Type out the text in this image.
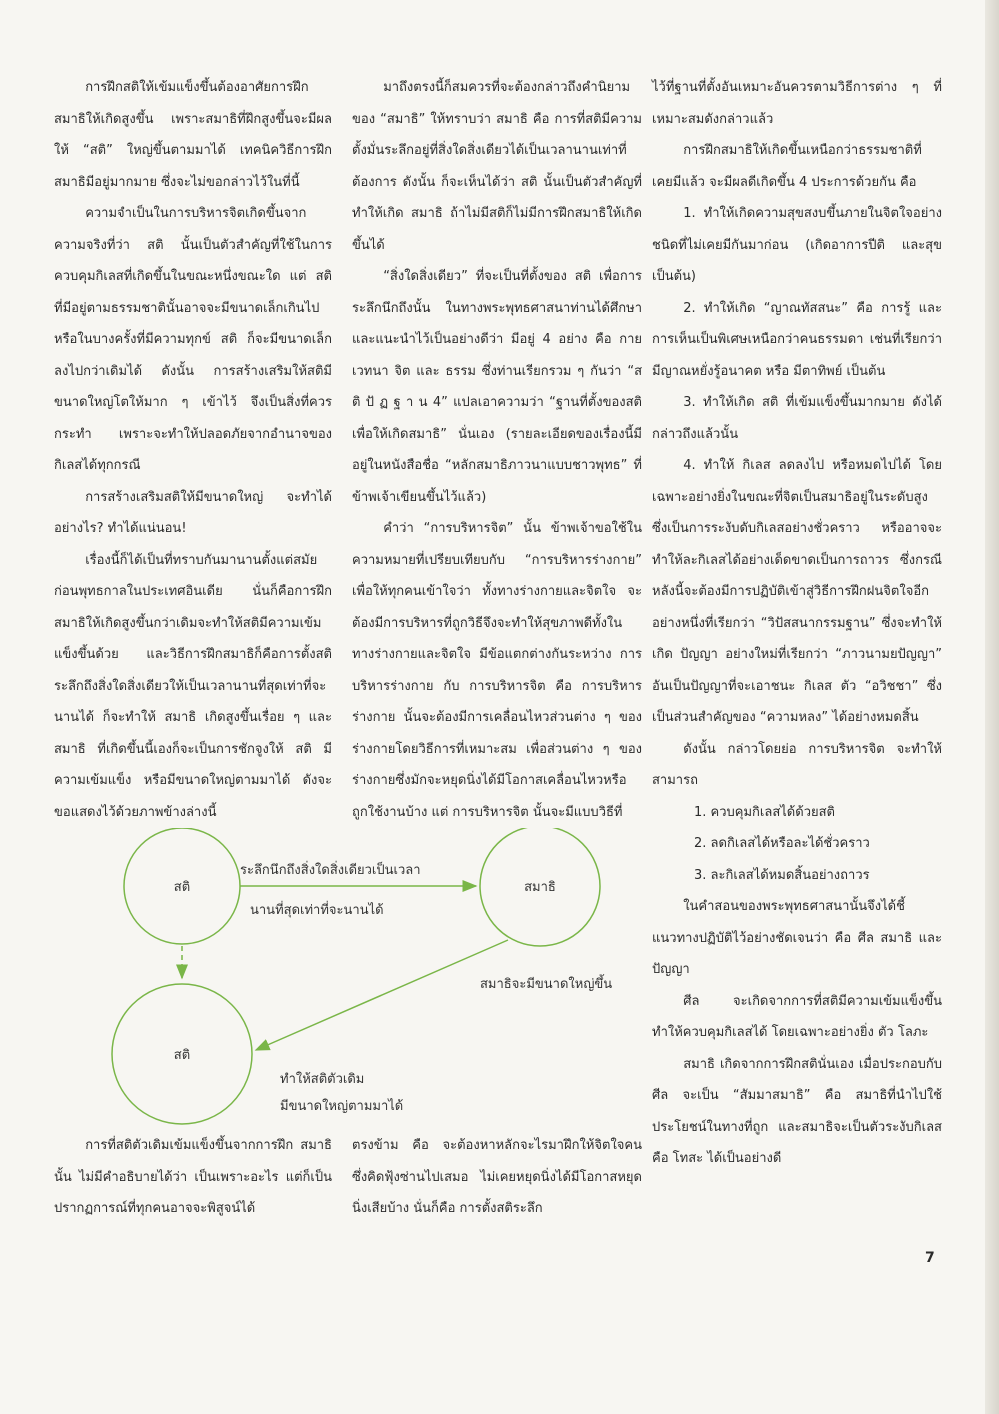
การฝึกสติให้เข้มแข็งขึ้นต้องอาศัยการฝึกสมาธิให้เกิดสูงขึ้น เพราะสมาธิที่ฝึกสูงขึ้นจะมีผลให้ “สติ” ใหญ่ขึ้นตามมาได้ เทคนิควิธีการฝึกสมาธิมีอยู่มากมาย ซึ่งจะไม่ขอกล่าวไว้ในที่นี้

ความจำเป็นในการบริหารจิตเกิดขึ้นจากความจริงที่ว่า สติ นั้นเป็นตัวสำคัญที่ใช้ในการควบคุมกิเลสที่เกิดขึ้นในขณะหนึ่งขณะใด แต่ สติ ที่มีอยู่ตามธรรมชาตินั้นอาจจะมีขนาดเล็กเกินไปหรือในบางครั้งที่มีความทุกข์ สติ ก็จะมีขนาดเล็กลงไปกว่าเดิมได้ ดังนั้น การสร้างเสริมให้สติมีขนาดใหญ่โตให้มาก ๆ เข้าไว้ จึงเป็นสิ่งที่ควรกระทำ เพราะจะทำให้ปลอดภัยจากอำนาจของกิเลสได้ทุกกรณี

การสร้างเสริมสติให้มีขนาดใหญ่ จะทำได้อย่างไร? ทำได้แน่นอน!

เรื่องนี้ก็ได้เป็นที่ทราบกันมานานตั้งแต่สมัยก่อนพุทธกาลในประเทศอินเดีย นั่นก็คือการฝึกสมาธิให้เกิดสูงขึ้นกว่าเดิมจะทำให้สติมีความเข้มแข็งขึ้นด้วย และวิธีการฝึกสมาธิก็คือการตั้งสติระลึกถึงสิ่งใดสิ่งเดียวให้เป็นเวลานานที่สุดเท่าที่จะนานได้ ก็จะทำให้ สมาธิ เกิดสูงขึ้นเรื่อย ๆ และ สมาธิ ที่เกิดขึ้นนี้เองก็จะเป็นการชักจูงให้ สติ มีความเข้มแข็ง หรือมีขนาดใหญ่ตามมาได้ ดังจะขอแสดงไว้ด้วยภาพข้างล่างนี้

มาถึงตรงนี้ก็สมควรที่จะต้องกล่าวถึงคำนิยามของ “สมาธิ” ให้ทราบว่า สมาธิ คือ การที่สติมีความตั้งมั่นระลึกอยู่ที่สิ่งใดสิ่งเดียวได้เป็นเวลานานเท่าที่ต้องการ ดังนั้น ก็จะเห็นได้ว่า สติ นั้นเป็นตัวสำคัญที่ทำให้เกิด สมาธิ ถ้าไม่มีสติก็ไม่มีการฝึกสมาธิให้เกิดขึ้นได้

“สิ่งใดสิ่งเดียว” ที่จะเป็นที่ตั้งของ สติ เพื่อการระลึกนึกถึงนั้น ในทางพระพุทธศาสนาท่านได้ศึกษาและแนะนำไว้เป็นอย่างดีว่า มีอยู่ 4 อย่าง คือ กาย เวทนา จิต และ ธรรม ซึ่งท่านเรียกรวม ๆ กันว่า “ส ติ ปั ฏ ฐ า น 4” แปลเอาความว่า “ฐานที่ตั้งของสติเพื่อให้เกิดสมาธิ” นั่นเอง (รายละเอียดของเรื่องนี้มีอยู่ในหนังสือชื่อ “หลักสมาธิภาวนาแบบชาวพุทธ” ที่ข้าพเจ้าเขียนขึ้นไว้แล้ว)

คำว่า “การบริหารจิต” นั้น ข้าพเจ้าขอใช้ในความหมายที่เปรียบเทียบกับ “การบริหารร่างกาย” เพื่อให้ทุกคนเข้าใจว่า ทั้งทางร่างกายและจิตใจ จะต้องมีการบริหารที่ถูกวิธีจึงจะทำให้สุขภาพดีทั้งในทางร่างกายและจิตใจ มีข้อแตกต่างกันระหว่าง การบริหารร่างกาย กับ การบริหารจิต คือ การบริหารร่างกาย นั้นจะต้องมีการเคลื่อนไหวส่วนต่าง ๆ ของร่างกายโดยวิธีการที่เหมาะสม เพื่อส่วนต่าง ๆ ของร่างกายซึ่งมักจะหยุดนิ่งได้มีโอกาสเคลื่อนไหวหรือถูกใช้งานบ้าง แต่ การบริหารจิต นั้นจะมีแบบวิธีที่

ไว้ที่ฐานที่ตั้งอันเหมาะอันควรตามวิธีการต่าง ๆ ที่เหมาะสมดังกล่าวแล้ว

การฝึกสมาธิให้เกิดขึ้นเหนือกว่าธรรมชาติที่เคยมีแล้ว จะมีผลดีเกิดขึ้น 4 ประการด้วยกัน คือ

1. ทำให้เกิดความสุขสงบขึ้นภายในจิตใจอย่างชนิดที่ไม่เคยมีกันมาก่อน (เกิดอาการปีติ และสุข เป็นต้น)
2. ทำให้เกิด “ญาณทัสสนะ” คือ การรู้ และการเห็นเป็นพิเศษเหนือกว่าคนธรรมดา เช่นที่เรียกว่า มีญาณหยั่งรู้อนาคต หรือ มีตาทิพย์ เป็นต้น
3. ทำให้เกิด สติ ที่เข้มแข็งขึ้นมากมาย ดังได้กล่าวถึงแล้วนั้น
4. ทำให้ กิเลส ลดลงไป หรือหมดไปได้ โดยเฉพาะอย่างยิ่งในขณะที่จิตเป็นสมาธิอยู่ในระดับสูง ซึ่งเป็นการระงับดับกิเลสอย่างชั่วคราว หรืออาจจะทำให้ละกิเลสได้อย่างเด็ดขาดเป็นการถาวร ซึ่งกรณีหลังนี้จะต้องมีการปฏิบัติเข้าสู่วิธีการฝึกฝนจิตใจอีกอย่างหนึ่งที่เรียกว่า “วิปัสสนากรรมฐาน” ซึ่งจะทำให้เกิด ปัญญา อย่างใหม่ที่เรียกว่า “ภาวนามยปัญญา” อันเป็นปัญญาที่จะเอาชนะ กิเลส ตัว “อวิชชา” ซึ่งเป็นส่วนสำคัญของ “ความหลง” ได้อย่างหมดสิ้น

ดังนั้น กล่าวโดยย่อ การบริหารจิต จะทำให้สามารถ

1. ควบคุมกิเลสได้ด้วยสติ
2. ลดกิเลสได้หรือละได้ชั่วคราว
3. ละกิเลสได้หมดสิ้นอย่างถาวร

ในคำสอนของพระพุทธศาสนานั้นจึงได้ชี้แนวทางปฏิบัติไว้อย่างชัดเจนว่า คือ ศีล สมาธิ และปัญญา

ศีล จะเกิดจากการที่สติมีความเข้มแข็งขึ้น ทำให้ควบคุมกิเลสได้ โดยเฉพาะอย่างยิ่ง ตัว โลภะ

สมาธิ เกิดจากการฝึกสตินั่นเอง เมื่อประกอบกับศีล จะเป็น “สัมมาสมาธิ” คือ สมาธิที่นำไปใช้ประโยชน์ในทางที่ถูก และสมาธิจะเป็นตัวระงับกิเลส คือ โทสะ ได้เป็นอย่างดี

สติ	สมาธิ
สติ
ระลึกนึกถึงสิ่งใดสิ่งเดียวเป็นเวลา
นานที่สุดเท่าที่จะนานได้
สมาธิจะมีขนาดใหญ่ขึ้น
ทำให้สติตัวเดิม
มีขนาดใหญ่ตามมาได้

การที่สติตัวเดิมเข้มแข็งขึ้นจากการฝึก สมาธิ นั้น ไม่มีคำอธิบายได้ว่า เป็นเพราะอะไร แต่ก็เป็นปรากฏการณ์ที่ทุกคนอาจจะพิสูจน์ได้

ตรงข้าม คือ จะต้องหาหลักจะไรมาฝึกให้จิตใจคน ซึ่งคิดฟุ้งซ่านไปเสมอ ไม่เคยหยุดนิ่งได้มีโอกาสหยุดนิ่งเสียบ้าง นั่นก็คือ การตั้งสติระลึก

7
